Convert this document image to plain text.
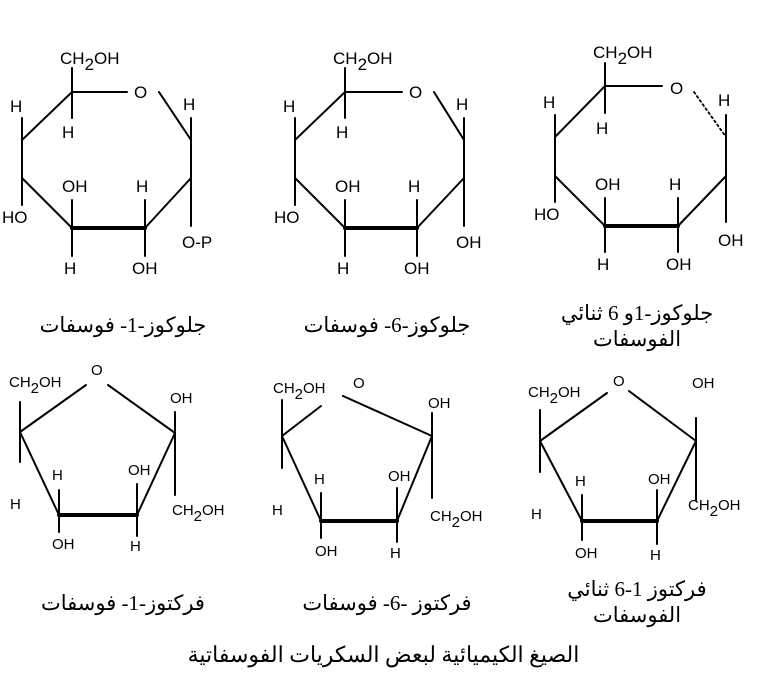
CH2OH
O
H
H
H
OH	H
HO
O-P
H	OH
CH2OH
O
H
H
H
OH	H
HO
OH
H	OH
CH2OH
O
H
H
H
OH	H
HO
OH
H	OH
CH2OH
O
OH
H	OH
H	CH2OH
OH	H
CH2OH O
OH
H	OH
H	CH2OH
OH	H
CH2OH
O	OH
H	OH
H
CH2OH
OH	H
جلوكوز-1- فوسفات	جلوكوز-6- فوسفات	جلوكوز-1و 6 ثنائي
الفوسفات
فركتوز-1- فوسفات	فركتوز -6- فوسفات
فركتوز 1-6 ثنائي
الفوسفات
الصيغ الكيميائية لبعض السكريات الفوسفاتية
